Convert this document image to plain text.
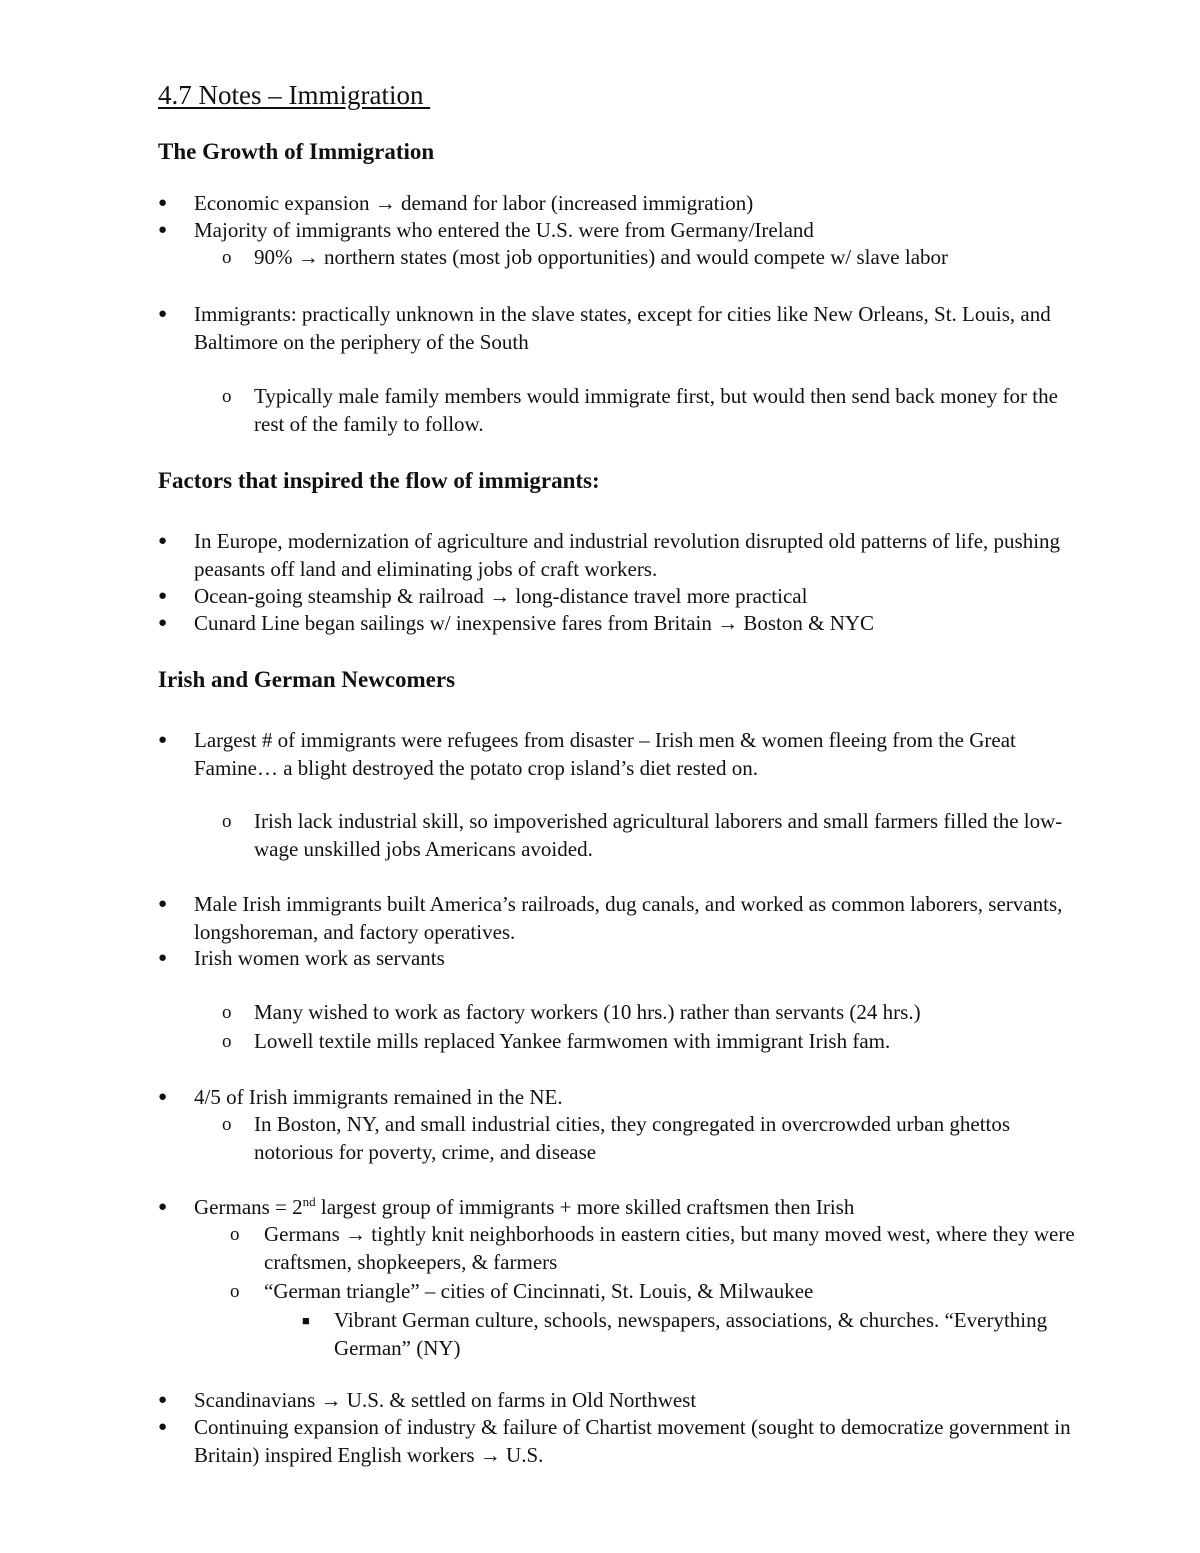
4.7 Notes – Immigration
The Growth of Immigration
● Economic expansion → demand for labor (increased immigration)
● Majority of immigrants who entered the U.S. were from Germany/Ireland
o 90% → northern states (most job opportunities) and would compete w/ slave labor
● Immigrants: practically unknown in the slave states, except for cities like New Orleans, St. Louis, and Baltimore on the periphery of the South
o Typically male family members would immigrate first, but would then send back money for the rest of the family to follow.
Factors that inspired the flow of immigrants:
● In Europe, modernization of agriculture and industrial revolution disrupted old patterns of life, pushing peasants off land and eliminating jobs of craft workers.
● Ocean-going steamship & railroad → long-distance travel more practical
● Cunard Line began sailings w/ inexpensive fares from Britain → Boston & NYC
Irish and German Newcomers
● Largest # of immigrants were refugees from disaster – Irish men & women fleeing from the Great Famine… a blight destroyed the potato crop island’s diet rested on.
o Irish lack industrial skill, so impoverished agricultural laborers and small farmers filled the low-wage unskilled jobs Americans avoided.
● Male Irish immigrants built America’s railroads, dug canals, and worked as common laborers, servants, longshoreman, and factory operatives.
● Irish women work as servants
o Many wished to work as factory workers (10 hrs.) rather than servants (24 hrs.)
o Lowell textile mills replaced Yankee farmwomen with immigrant Irish fam.
● 4/5 of Irish immigrants remained in the NE.
o In Boston, NY, and small industrial cities, they congregated in overcrowded urban ghettos notorious for poverty, crime, and disease
● Germans = 2nd largest group of immigrants + more skilled craftsmen then Irish
o Germans → tightly knit neighborhoods in eastern cities, but many moved west, where they were craftsmen, shopkeepers, & farmers
o “German triangle” – cities of Cincinnati, St. Louis, & Milwaukee
■ Vibrant German culture, schools, newspapers, associations, & churches. “Everything German” (NY)
● Scandinavians → U.S. & settled on farms in Old Northwest
● Continuing expansion of industry & failure of Chartist movement (sought to democratize government in Britain) inspired English workers → U.S.
